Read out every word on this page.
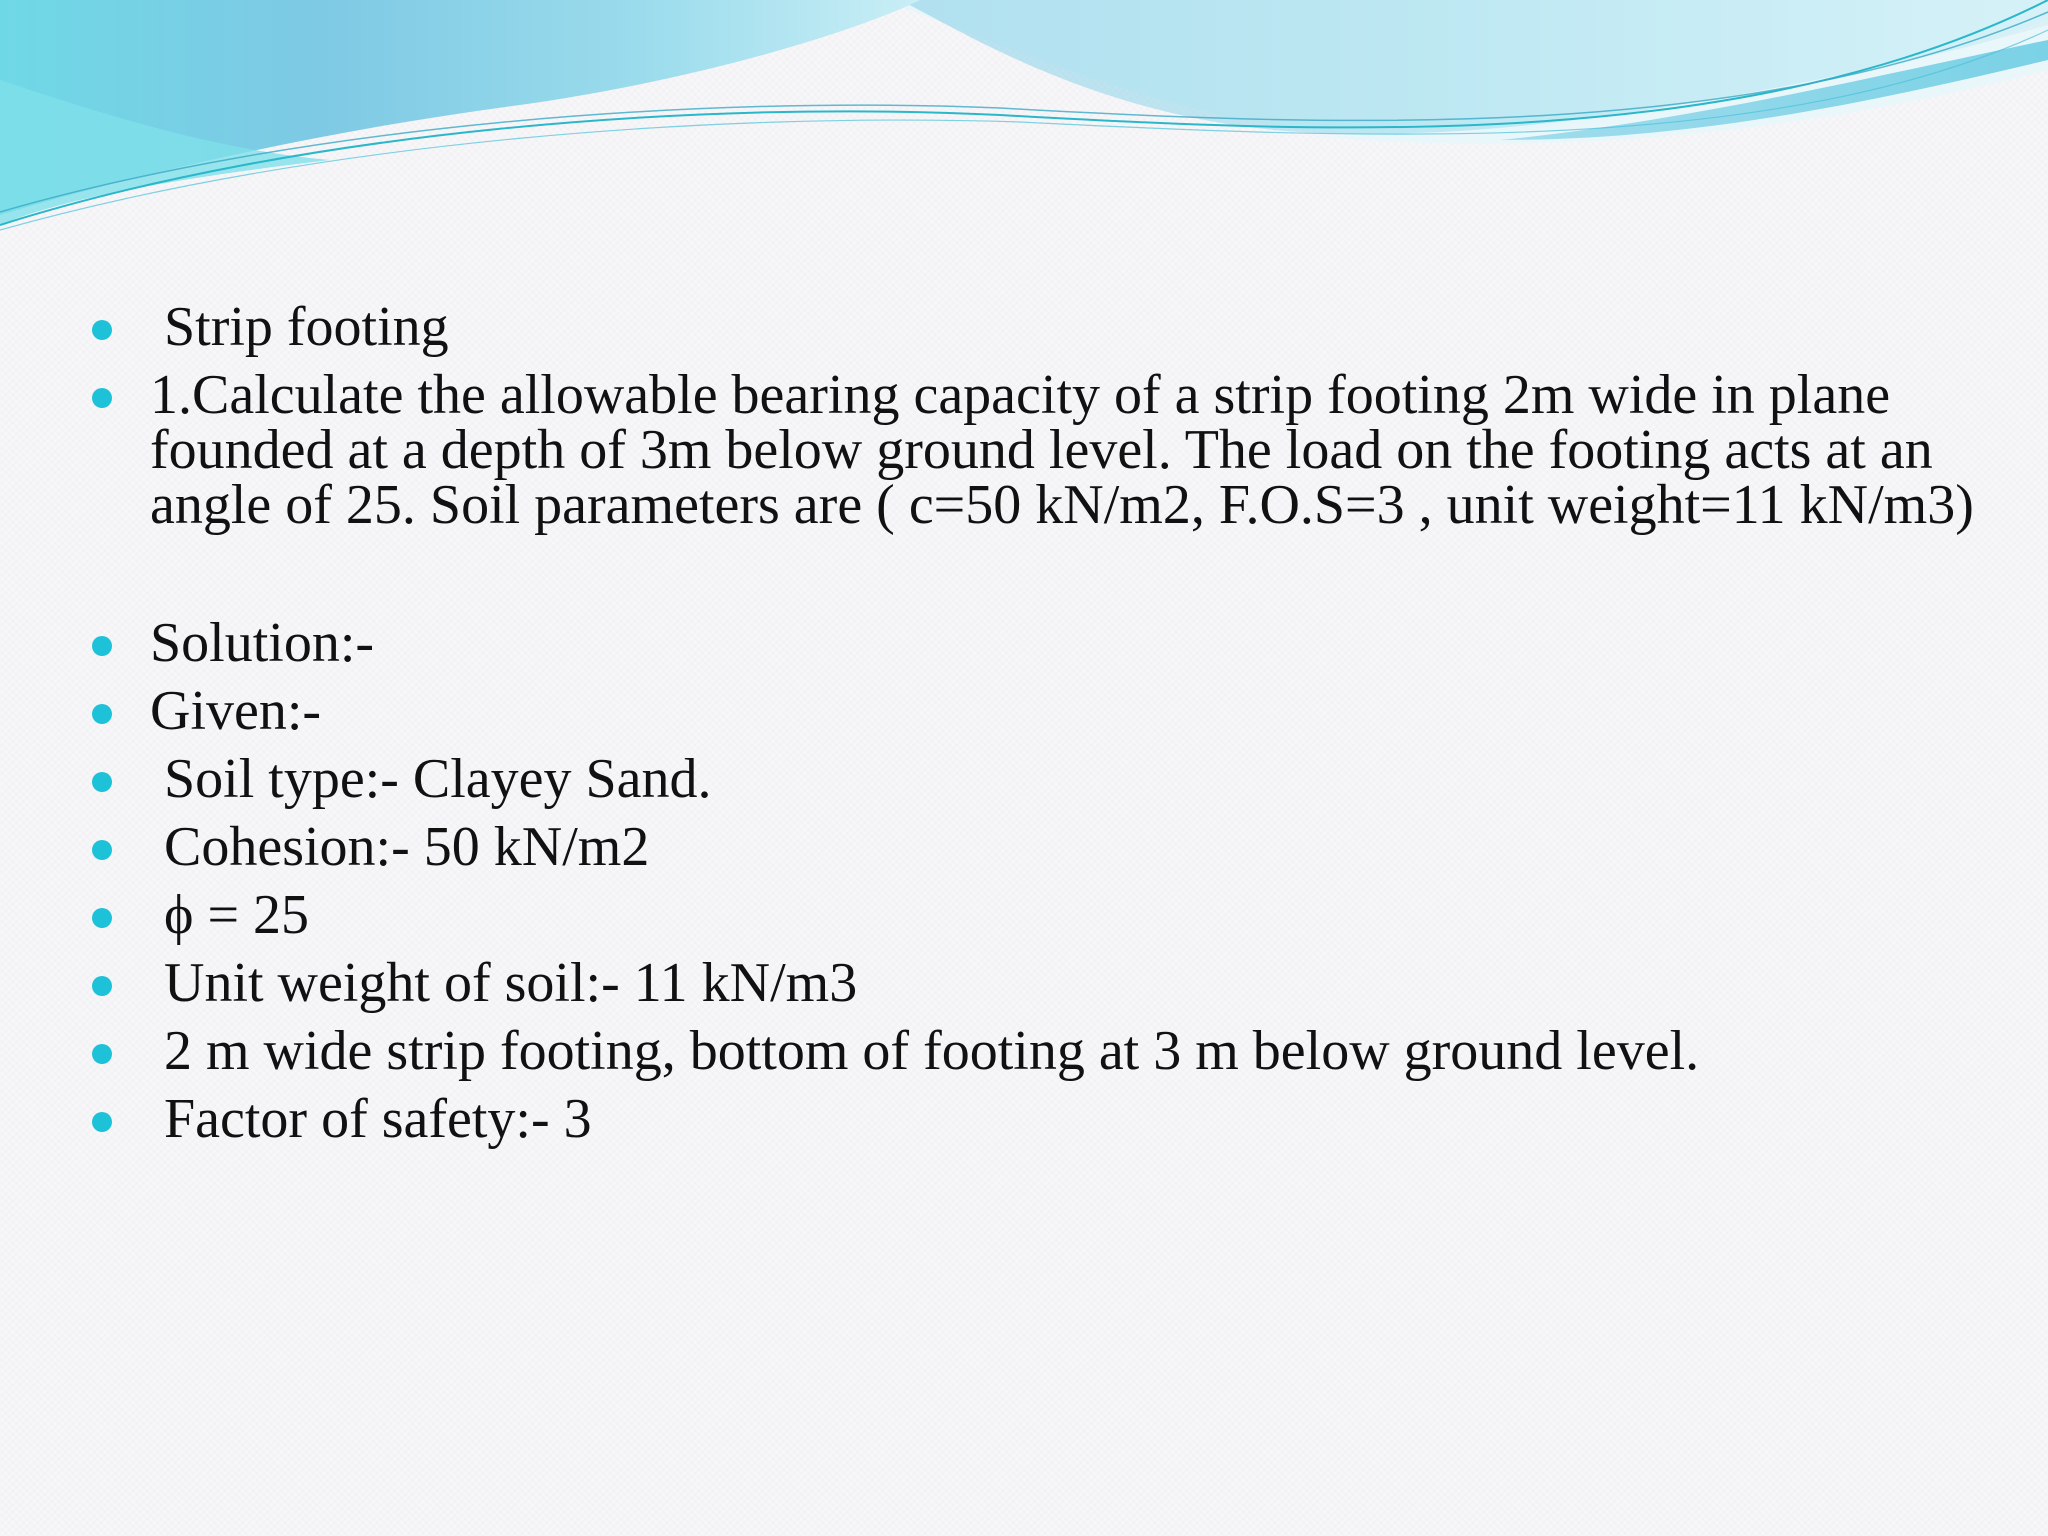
Strip footing
1.Calculate the allowable bearing capacity of a strip footing 2m wide in plane founded at a depth of 3m below ground level. The load on the footing acts at an angle of 25. Soil parameters are ( c=50 kN/m2, F.O.S=3 , unit weight=11 kN/m3)
Solution:-
Given:-
Soil type:- Clayey Sand.
Cohesion:- 50 kN/m2
ϕ = 25
Unit weight of soil:- 11 kN/m3
2 m wide strip footing, bottom of footing at 3 m below ground level.
Factor of safety:- 3
